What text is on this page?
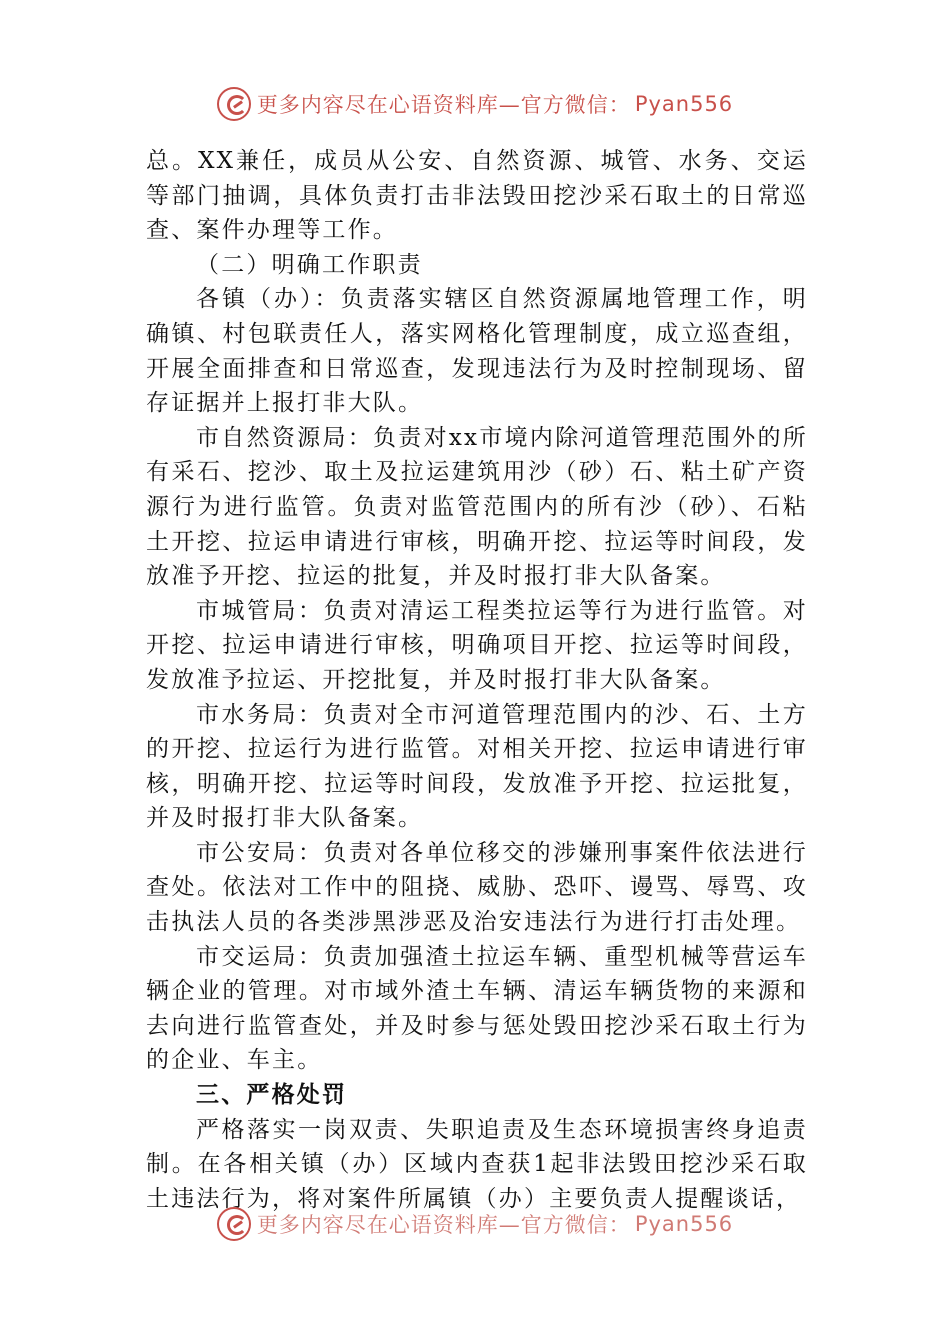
更多内容尽在心语资料库—官方微信： Pyan556

总。XX兼任，成员从公安、自然资源、城管、水务、交运等部门抽调，具体负责打击非法毁田挖沙采石取土的日常巡查、案件办理等工作。

（二）明确工作职责

各镇（办）：负责落实辖区自然资源属地管理工作，明确镇、村包联责任人，落实网格化管理制度，成立巡查组，开展全面排查和日常巡查，发现违法行为及时控制现场、留存证据并上报打非大队。

市自然资源局：负责对xx市境内除河道管理范围外的所有采石、挖沙、取土及拉运建筑用沙（砂）石、粘土矿产资源行为进行监管。负责对监管范围内的所有沙（砂）、石粘土开挖、拉运申请进行审核，明确开挖、拉运等时间段，发放准予开挖、拉运的批复，并及时报打非大队备案。

市城管局：负责对清运工程类拉运等行为进行监管。对开挖、拉运申请进行审核，明确项目开挖、拉运等时间段，发放准予拉运、开挖批复，并及时报打非大队备案。

市水务局：负责对全市河道管理范围内的沙、石、土方的开挖、拉运行为进行监管。对相关开挖、拉运申请进行审核，明确开挖、拉运等时间段，发放准予开挖、拉运批复，并及时报打非大队备案。

市公安局：负责对各单位移交的涉嫌刑事案件依法进行查处。依法对工作中的阻挠、威胁、恐吓、谩骂、辱骂、攻击执法人员的各类涉黑涉恶及治安违法行为进行打击处理。

市交运局：负责加强渣土拉运车辆、重型机械等营运车辆企业的管理。对市域外渣土车辆、清运车辆货物的来源和去向进行监管查处，并及时参与惩处毁田挖沙采石取土行为的企业、车主。

三、严格处罚

严格落实一岗双责、失职追责及生态环境损害终身追责制。在各相关镇（办）区域内查获1起非法毁田挖沙采石取土违法行为，将对案件所属镇（办）主要负责人提醒谈话，

更多内容尽在心语资料库—官方微信： Pyan556
